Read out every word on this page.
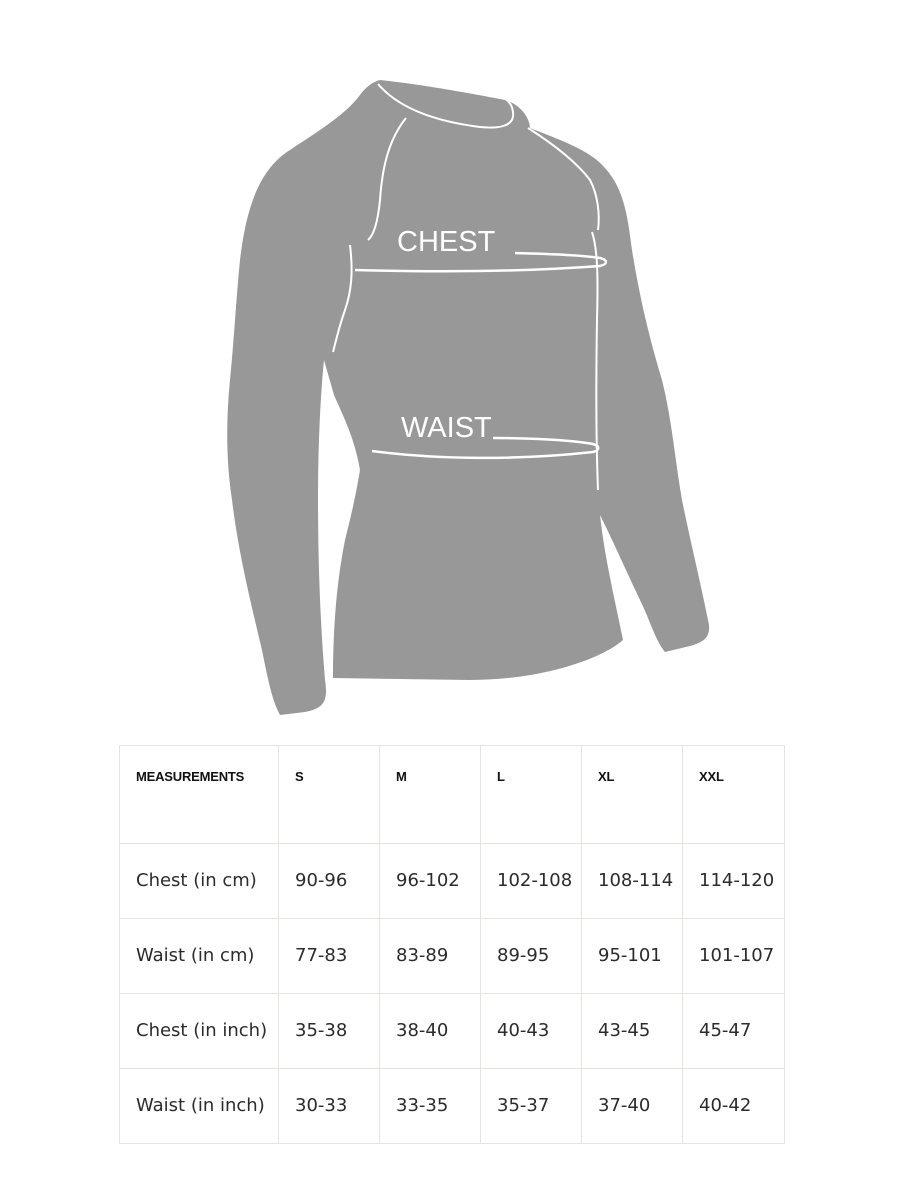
CHEST
WAIST
MEASUREMENTS	S	M	L	XL	XXL
Chest (in cm)	90-96	96-102	102-108	108-114	114-120
Waist (in cm)	77-83	83-89	89-95	95-101	101-107
Chest (in inch)	35-38	38-40	40-43	43-45	45-47
Waist (in inch)	30-33	33-35	35-37	37-40	40-42
